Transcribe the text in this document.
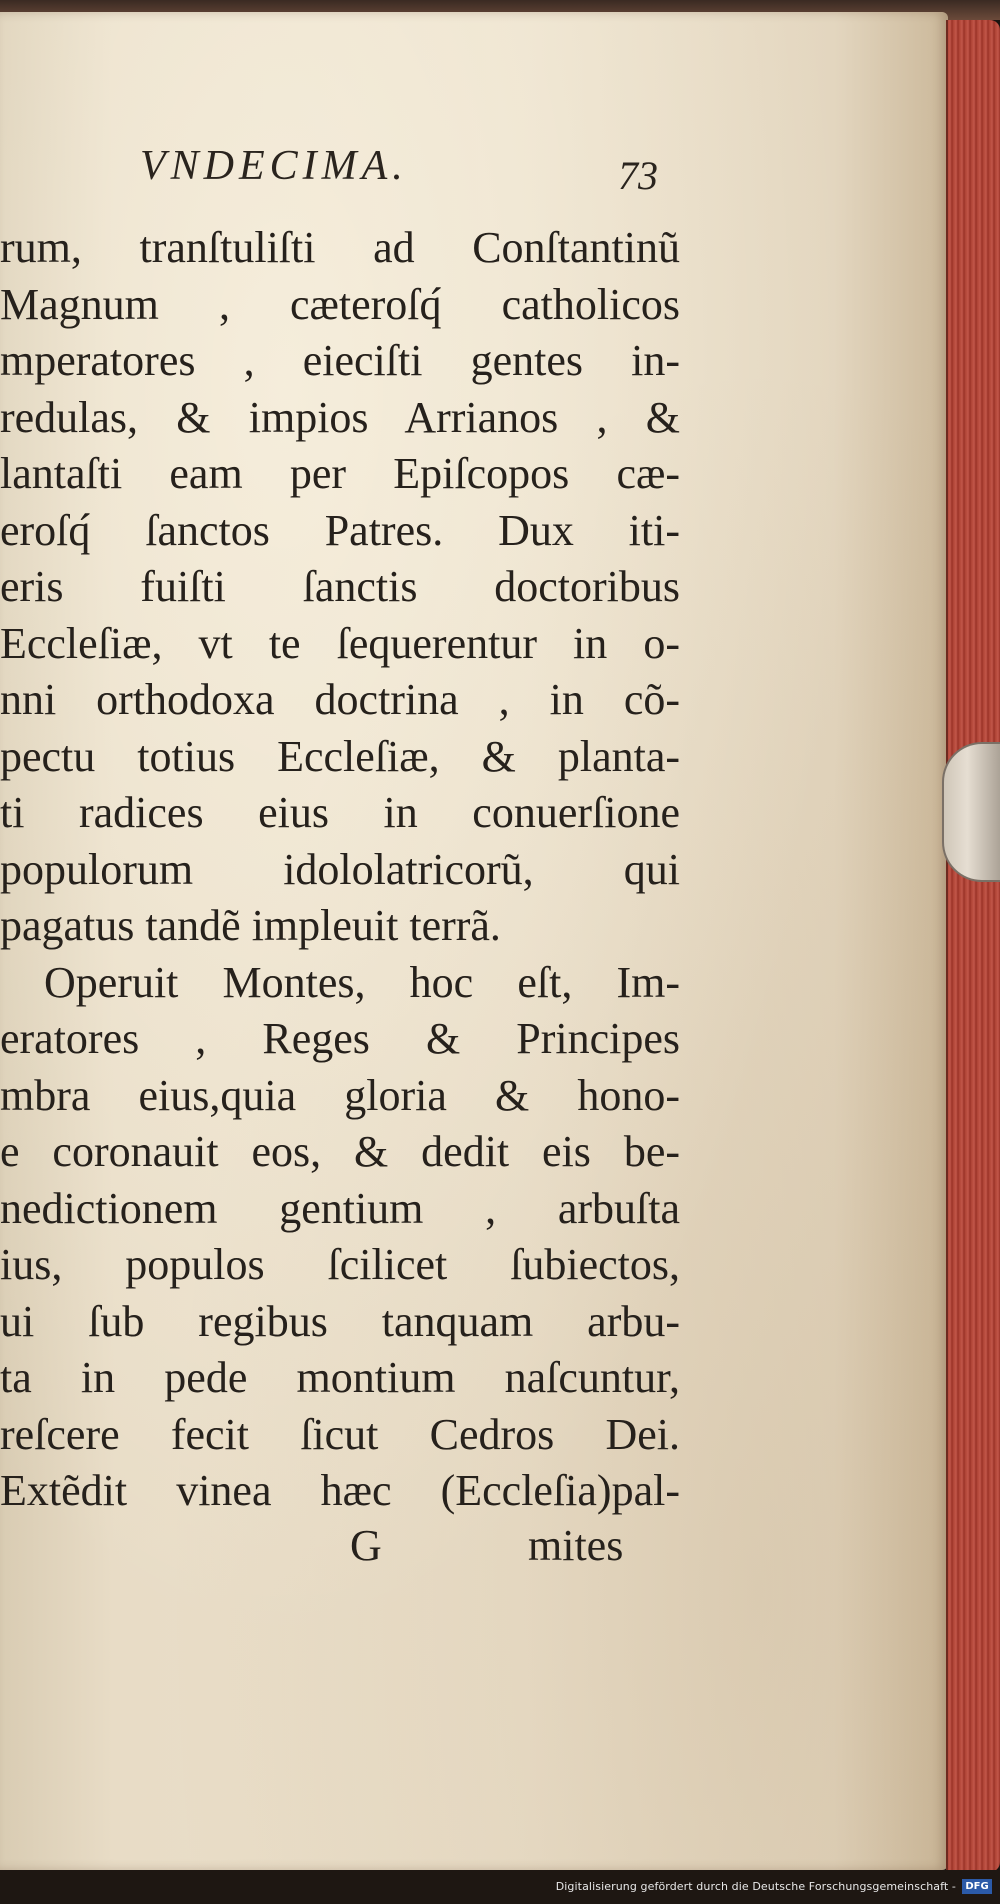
VNDECIMA.	73
rum, tranſtuliſti ad Conſtantinũ
Magnum , cæteroſq́ catholicos
mperatores , eieciſti gentes in-
redulas, & impios Arrianos , &
lantaſti eam per Epiſcopos cæ-
eroſq́ ſanctos Patres. Dux iti-
eris fuiſti ſanctis doctoribus
Eccleſiæ, vt te ſequerentur in o-
nni orthodoxa doctrina , in cõ-
pectu totius Eccleſiæ, & planta-
ti radices eius in conuerſione
populorum idololatricorũ, qui
pagatus tandẽ impleuit terrã.
Operuit Montes, hoc eſt, Im-
eratores , Reges & Principes
mbra eius,quia gloria & hono-
e coronauit eos, & dedit eis be-
nedictionem gentium , arbuſta
ius, populos ſcilicet ſubiectos,
ui ſub regibus tanquam arbu-
ta in pede montium naſcuntur,
reſcere fecit ſicut Cedros Dei.
Extẽdit vinea hæc (Eccleſia)pal-
G	mites
Digitalisierung gefördert durch die Deutsche Forschungsgemeinschaft - DFG
